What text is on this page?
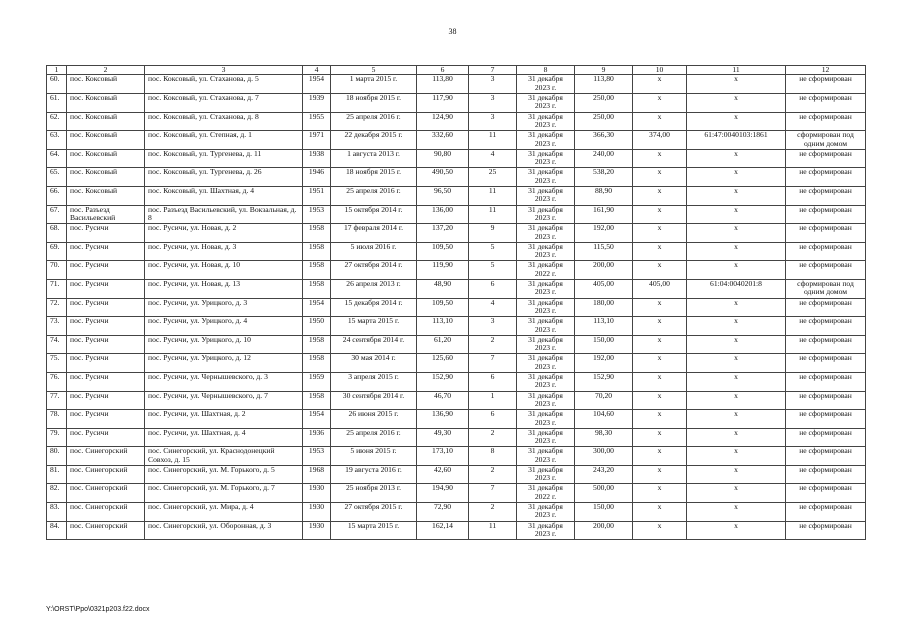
38
1	2	3	4	5	6	7	8	9	10	11	12
60.	пос. Коксовый	пос. Коксовый, ул. Стаханова, д. 5	1954	1 марта 2015 г.	113,80	3	31 декабря 2023 г.	113,80	x	x	не сформирован
61.	пос. Коксовый	пос. Коксовый, ул. Стаханова, д. 7	1939	18 ноября 2015 г.	117,90	3	31 декабря 2023 г.	250,00	x	x	не сформирован
62.	пос. Коксовый	пос. Коксовый, ул. Стаханова, д. 8	1955	25 апреля 2016 г.	124,90	3	31 декабря 2023 г.	250,00	x	x	не сформирован
63.	пос. Коксовый	пос. Коксовый, ул. Степная, д. 1	1971	22 декабря 2015 г.	332,60	11	31 декабря 2023 г.	366,30	374,00	61:47:0040103:1861	сформирован под одним домом
64.	пос. Коксовый	пос. Коксовый, ул. Тургенева, д. 11	1938	1 августа 2013 г.	90,80	4	31 декабря 2023 г.	240,00	x	x	не сформирован
65.	пос. Коксовый	пос. Коксовый, ул. Тургенева, д. 26	1946	18 ноября 2015 г.	490,50	25	31 декабря 2023 г.	538,20	x	x	не сформирован
66.	пос. Коксовый	пос. Коксовый, ул. Шахтная, д. 4	1951	25 апреля 2016 г.	96,50	11	31 декабря 2023 г.	88,90	x	x	не сформирован
67.	пос. Разъезд Васильевский	пос. Разъезд Васильевский, ул. Вокзальная, д. 8	1953	15 октября 2014 г.	136,00	11	31 декабря 2023 г.	161,90	x	x	не сформирован
68.	пос. Русичи	пос. Русичи, ул. Новая, д. 2	1958	17 февраля 2014 г.	137,20	9	31 декабря 2023 г.	192,00	x	x	не сформирован
69.	пос. Русичи	пос. Русичи, ул. Новая, д. 3	1958	5 июля 2016 г.	109,50	5	31 декабря 2023 г.	115,50	x	x	не сформирован
70.	пос. Русичи	пос. Русичи, ул. Новая, д. 10	1958	27 октября 2014 г.	119,90	5	31 декабря 2022 г.	200,00	x	x	не сформирован
71.	пос. Русичи	пос. Русичи, ул. Новая, д. 13	1958	26 апреля 2013 г.	48,90	6	31 декабря 2023 г.	405,00	405,00	61:04:0040201:8	сформирован под одним домом
72.	пос. Русичи	пос. Русичи, ул. Урицкого, д. 3	1954	15 декабря 2014 г.	109,50	4	31 декабря 2023 г.	180,00	x	x	не сформирован
73.	пос. Русичи	пос. Русичи, ул. Урицкого, д. 4	1950	15 марта 2015 г.	113,10	3	31 декабря 2023 г.	113,10	x	x	не сформирован
74.	пос. Русичи	пос. Русичи, ул. Урицкого, д. 10	1958	24 сентября 2014 г.	61,20	2	31 декабря 2023 г.	150,00	x	x	не сформирован
75.	пос. Русичи	пос. Русичи, ул. Урицкого, д. 12	1958	30 мая 2014 г.	125,60	7	31 декабря 2023 г.	192,00	x	x	не сформирован
76.	пос. Русичи	пос. Русичи, ул. Чернышевского, д. 3	1959	3 апреля 2015 г.	152,90	6	31 декабря 2023 г.	152,90	x	x	не сформирован
77.	пос. Русичи	пос. Русичи, ул. Чернышевского, д. 7	1958	30 сентября 2014 г.	46,70	1	31 декабря 2023 г.	70,20	x	x	не сформирован
78.	пос. Русичи	пос. Русичи, ул. Шахтная, д. 2	1954	26 июня 2015 г.	136,90	6	31 декабря 2023 г.	104,60	x	x	не сформирован
79.	пос. Русичи	пос. Русичи, ул. Шахтная, д. 4	1936	25 апреля 2016 г.	49,30	2	31 декабря 2023 г.	98,30	x	x	не сформирован
80.	пос. Синегорский	пос. Синегорский, ул. Краснодонецкий Совхоз, д. 15	1953	5 июня 2015 г.	173,10	8	31 декабря 2023 г.	300,00	x	x	не сформирован
81.	пос. Синегорский	пос. Синегорский, ул. М. Горького, д. 5	1968	19 августа 2016 г.	42,60	2	31 декабря 2023 г.	243,20	x	x	не сформирован
82.	пос. Синегорский	пос. Синегорский, ул. М. Горького, д. 7	1930	25 ноября 2013 г.	194,90	7	31 декабря 2022 г.	500,00	x	x	не сформирован
83.	пос. Синегорский	пос. Синегорский, ул. Мира, д. 4	1930	27 октября 2015 г.	72,90	2	31 декабря 2023 г.	150,00	x	x	не сформирован
84.	пос. Синегорский	пос. Синегорский, ул. Оборонная, д. 3	1930	15 марта 2015 г.	162,14	11	31 декабря 2023 г.	200,00	x	x	не сформирован
Y:\ORST\Ppo\0321p203.f22.docx
